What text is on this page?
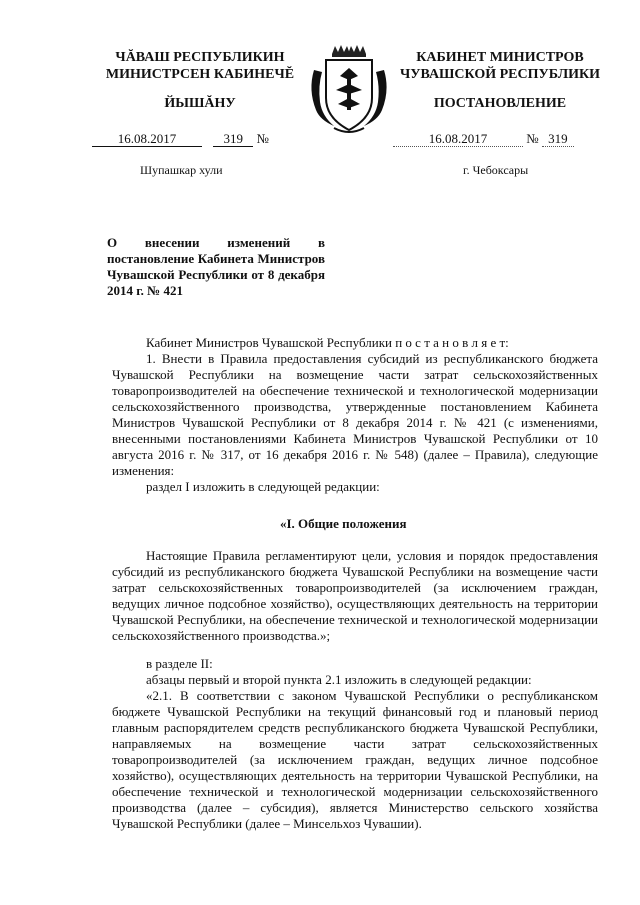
ЧĂВАШ РЕСПУБЛИКИН
МИНИСТРСЕН КАБИНЕЧĔ
ЙЫШĂНУ
КАБИНЕТ МИНИСТРОВ
ЧУВАШСКОЙ РЕСПУБЛИКИ
ПОСТАНОВЛЕНИЕ
16.08.2017	319 №	16.08.2017	№ 319
Шупашкар хули	г. Чебоксары
О внесении изменений в постановление Кабинета Министров Чувашской Республики от 8 декабря 2014 г. № 421

Кабинет Министров Чувашской Республики п о с т а н о в л я е т:

1. Внести в Правила предоставления субсидий из республиканского бюджета Чувашской Республики на возмещение части затрат сельскохозяйственных товаропроизводителей на обеспечение технической и технологической модернизации сельскохозяйственного производства, утвержденные постановлением Кабинета Министров Чувашской Республики от 8 декабря 2014 г. № 421 (с изменениями, внесенными постановлениями Кабинета Министров Чувашской Республики от 10 августа 2016 г. № 317, от 16 декабря 2016 г. № 548) (далее – Правила), следующие изменения:

раздел I изложить в следующей редакции:

«I. Общие положения

Настоящие Правила регламентируют цели, условия и порядок предоставления субсидий из республиканского бюджета Чувашской Республики на возмещение части затрат сельскохозяйственных товаропроизводителей (за исключением граждан, ведущих личное подсобное хозяйство), осуществляющих деятельность на территории Чувашской Республики, на обеспечение технической и технологической модернизации сельскохозяйственного производства.»;

в разделе II:

абзацы первый и второй пункта 2.1 изложить в следующей редакции:

«2.1. В соответствии с законом Чувашской Республики о республиканском бюджете Чувашской Республики на текущий финансовый год и плановый период главным распорядителем средств республиканского бюджета Чувашской Республики, направляемых на возмещение части затрат сельскохозяйственных товаропроизводителей (за исключением граждан, ведущих личное подсобное хозяйство), осуществляющих деятельность на территории Чувашской Республики, на обеспечение технической и технологической модернизации сельскохозяйственного производства (далее – субсидия), является Министерство сельского хозяйства Чувашской Республики (далее – Минсельхоз Чувашии).
